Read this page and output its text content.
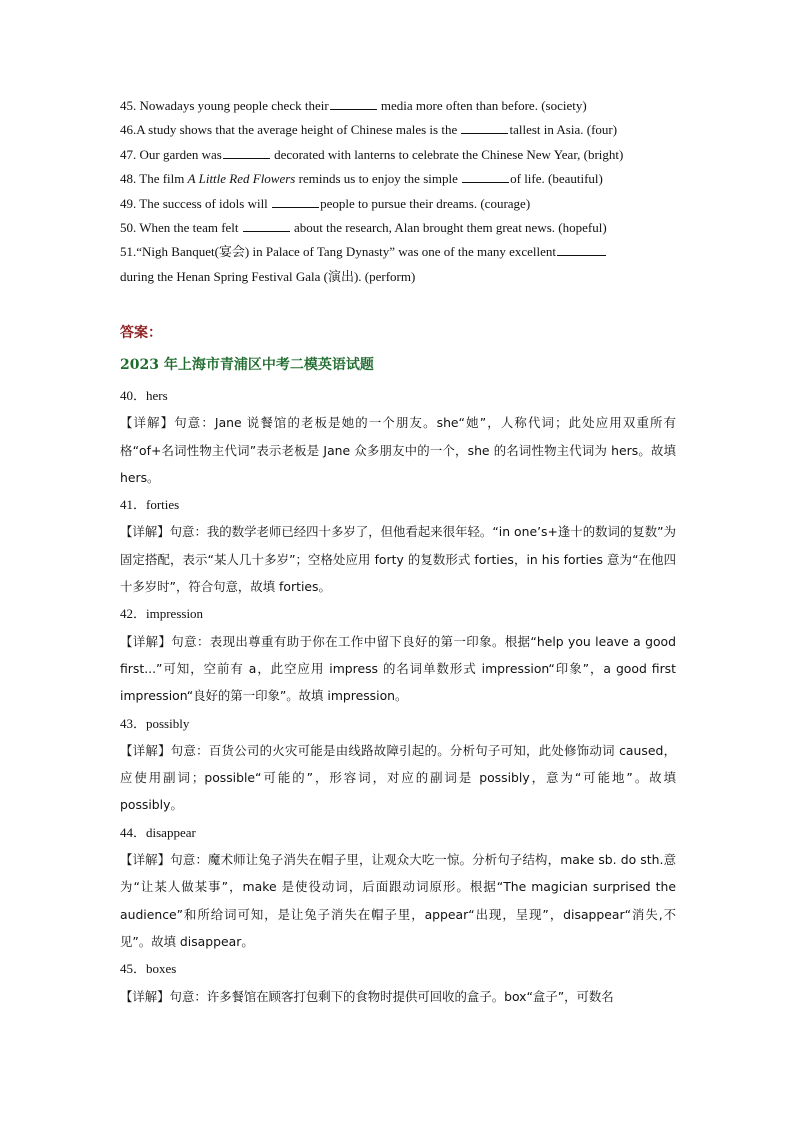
45. Nowadays young people check their	media more often than before. (society)
46.A study shows that the average height of Chinese males is the	tallest in Asia. (four)
47. Our garden was	decorated with lanterns to celebrate the Chinese New Year, (bright)
48. The film A Little Red Flowers reminds us to enjoy the simple	of life. (beautiful)
49. The success of idols will	people to pursue their dreams. (courage)
50. When the team felt	about the research, Alan brought them great news. (hopeful)
51.“Nigh Banquet(宴会) in Palace of Tang Dynasty” was one of the many excellent
during the Henan Spring Festival Gala (演出). (perform)
答案：
2023 年上海市青浦区中考二模英语试题
40．hers
【详解】句意：Jane 说餐馆的老板是她的一个朋友。she“她”，人称代词；此处应用双重所有格“of+名词性物主代词”表示老板是 Jane 众多朋友中的一个，she 的名词性物主代词为 hers。故填 hers。
41．forties
【详解】句意：我的数学老师已经四十多岁了，但他看起来很年轻。“in one’s+逢十的数词的复数”为固定搭配，表示“某人几十多岁”；空格处应用 forty 的复数形式 forties，in his forties 意为“在他四十多岁时”，符合句意，故填 forties。
42．impression
【详解】句意：表现出尊重有助于你在工作中留下良好的第一印象。根据“help you leave a good first...”可知，空前有 a，此空应用 impress 的名词单数形式 impression“印象”，a good first impression“良好的第一印象”。故填 impression。
43．possibly
【详解】句意：百货公司的火灾可能是由线路故障引起的。分析句子可知，此处修饰动词 caused，应使用副词；possible“可能的”，形容词，对应的副词是 possibly，意为“可能地”。故填 possibly。
44．disappear
【详解】句意：魔术师让兔子消失在帽子里，让观众大吃一惊。分析句子结构，make sb. do sth.意为“让某人做某事”，make 是使役动词，后面跟动词原形。根据“The magician surprised the audience”和所给词可知，是让兔子消失在帽子里，appear“出现，呈现”，disappear“消失,不见”。故填 disappear。
45．boxes
【详解】句意：许多餐馆在顾客打包剩下的食物时提供可回收的盒子。box“盒子”，可数名
